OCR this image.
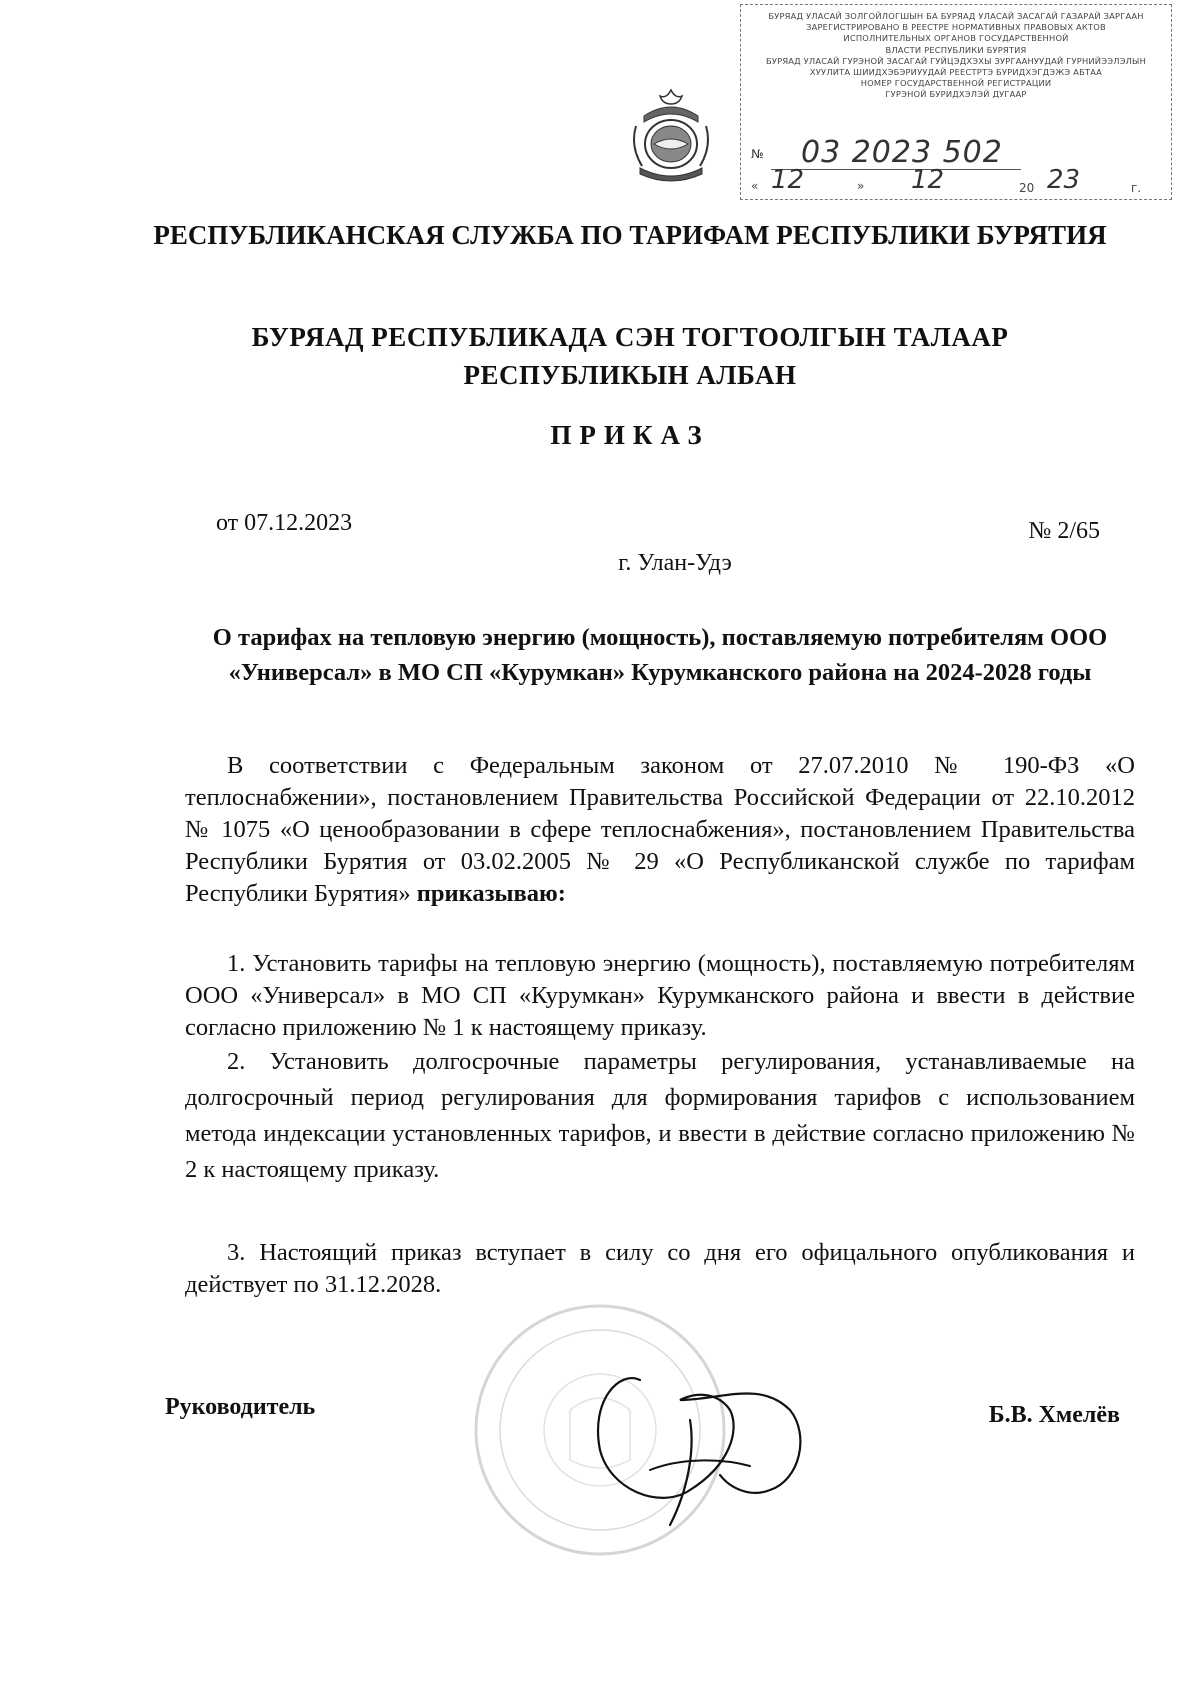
БУРЯАД УЛАСАЙ ЗОЛГОЙЛОГШЫН БА БУРЯАД УЛАСАЙ ЗАСАГАЙ ГАЗАРАЙ ЗАРГААН
ЗАРЕГИСТРИРОВАНО В РЕЕСТРЕ НОРМАТИВНЫХ ПРАВОВЫХ АКТОВ
ИСПОЛНИТЕЛЬНЫХ ОРГАНОВ ГОСУДАРСТВЕННОЙ
ВЛАСТИ РЕСПУБЛИКИ БУРЯТИЯ
БУРЯАД УЛАСАЙ ГУРЭНОЙ ЗАСАГАЙ ГУЙЦЭДХЭХЫ ЗУРГААНУУДАЙ ГУРНИЙЭЭЛЭЛЫН
ХУУЛИТА ШИИДХЭБЭРИУУДАЙ РЕЕСТРТЭ БУРИДХЭГДЭЖЭ АБТАА
НОМЕР ГОСУДАРСТВЕННОЙ РЕГИСТРАЦИИ
ГУРЭНОЙ БУРИДХЭЛЭЙ ДУГААР
№ 03 2023 502
« 12	» 12	20 23	г.
РЕСПУБЛИКАНСКАЯ СЛУЖБА ПО ТАРИФАМ РЕСПУБЛИКИ БУРЯТИЯ
БУРЯАД РЕСПУБЛИКАДА СЭН ТОГТООЛГЫН ТАЛААР РЕСПУБЛИКЫН АЛБАН
ПРИКАЗ
от 07.12.2023	№ 2/65
г. Улан-Удэ
О тарифах на тепловую энергию (мощность), поставляемую потребителям ООО «Универсал» в МО СП «Курумкан» Курумканского района на 2024-2028 годы
В соответствии с Федеральным законом от 27.07.2010 № 190-ФЗ «О теплоснабжении», постановлением Правительства Российской Федерации от 22.10.2012 № 1075 «О ценообразовании в сфере теплоснабжения», постановлением Правительства Республики Бурятия от 03.02.2005 № 29 «О Республиканской службе по тарифам Республики Бурятия» приказываю:
1. Установить тарифы на тепловую энергию (мощность), поставляемую потребителям ООО «Универсал» в МО СП «Курумкан» Курумканского района и ввести в действие согласно приложению № 1 к настоящему приказу.
2. Установить долгосрочные параметры регулирования, устанавливаемые на долгосрочный период регулирования для формирования тарифов с использованием метода индексации установленных тарифов, и ввести в действие согласно приложению № 2 к настоящему приказу.
3. Настоящий приказ вступает в силу со дня его офицального опубликования и действует по 31.12.2028.
Руководитель	Б.В. Хмелёв
